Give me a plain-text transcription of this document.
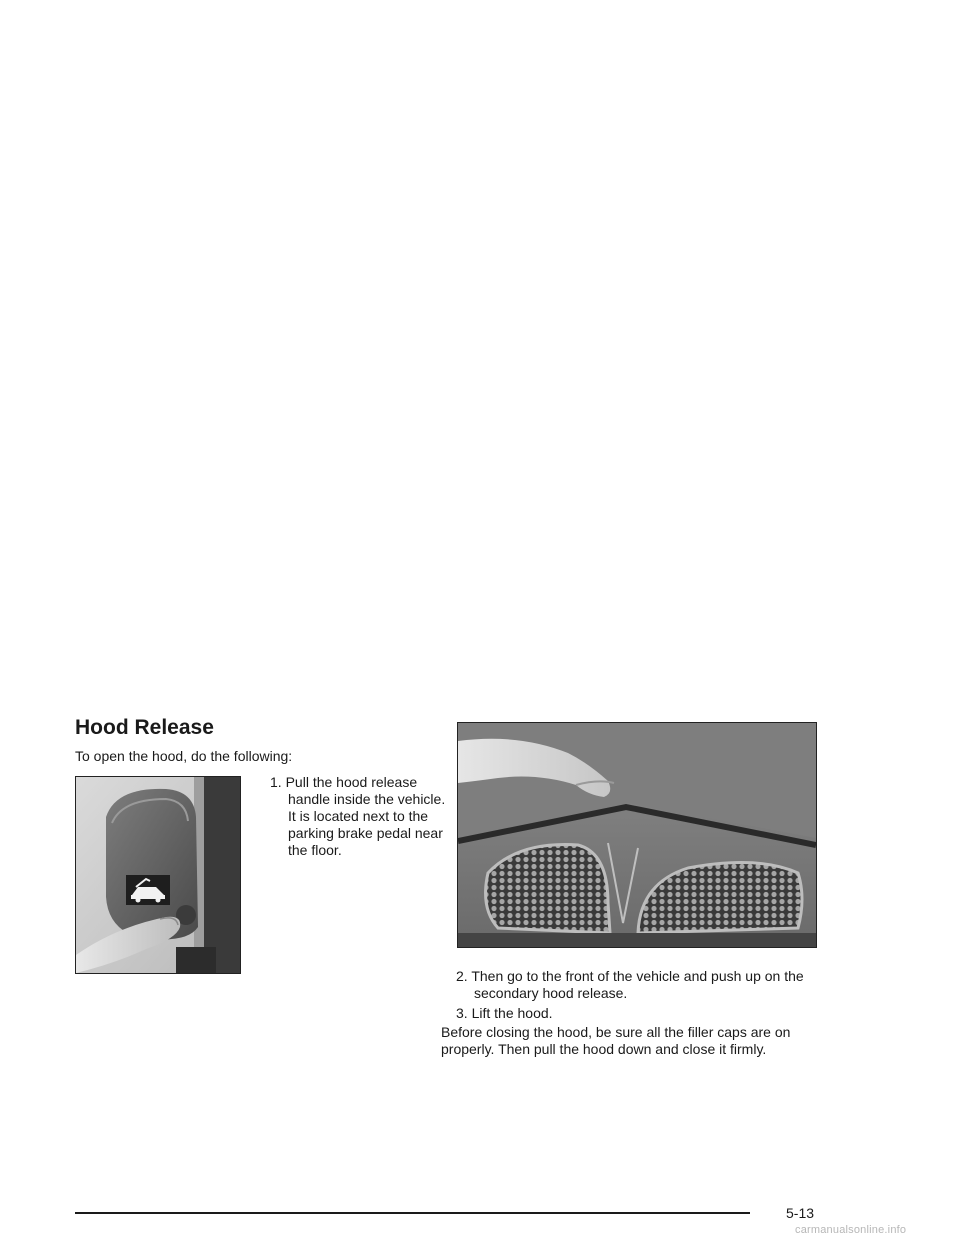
Hood Release
To open the hood, do the following:
1. Pull the hood release handle inside the vehicle. It is located next to the parking brake pedal near the floor.
2. Then go to the front of the vehicle and push up on the secondary hood release.
3. Lift the hood.
Before closing the hood, be sure all the filler caps are on properly. Then pull the hood down and close it firmly.
5-13
carmanualsonline.info
